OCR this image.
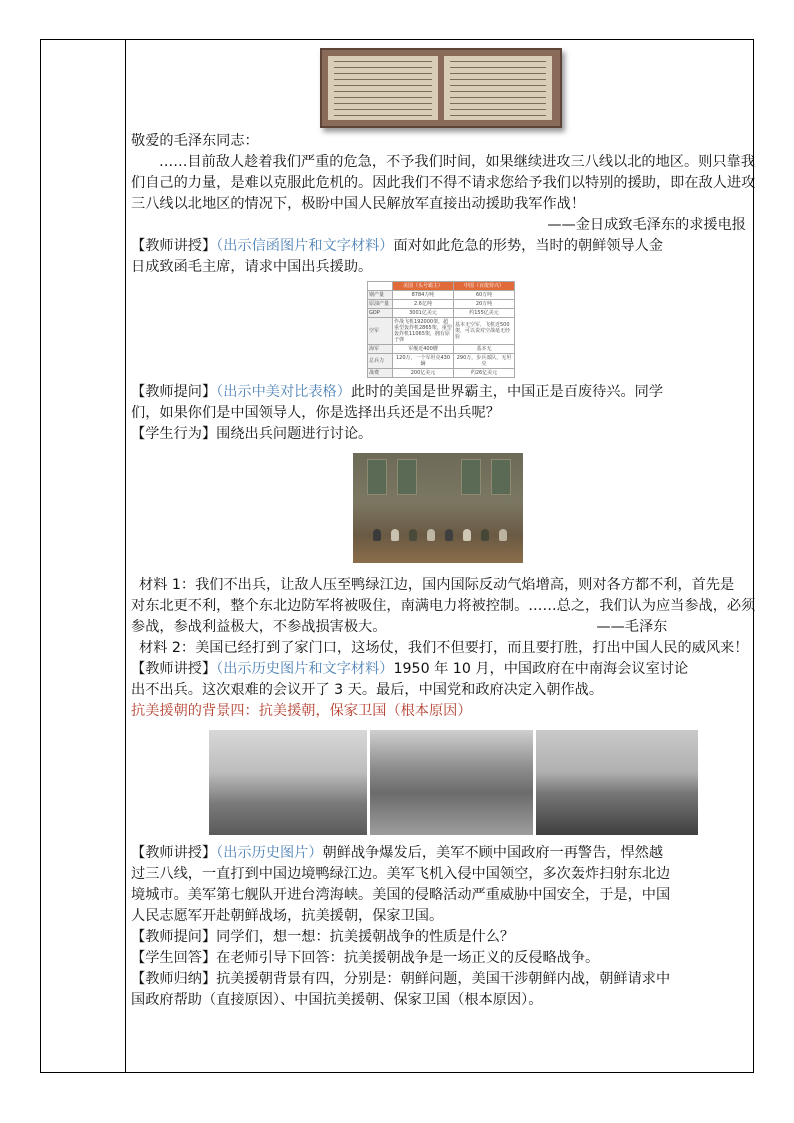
敬爱的毛泽东同志：

……目前敌人趁着我们严重的危急，不予我们时间，如果继续进攻三八线以北的地区。则只靠我

们自己的力量，是难以克服此危机的。因此我们不得不请求您给予我们以特别的援助，即在敌人进攻

三八线以北地区的情况下，极盼中国人民解放军直接出动援助我军作战！

——金日成致毛泽东的求援电报

【教师讲授】（出示信函图片和文字材料）面对如此危急的形势，当时的朝鲜领导人金

日成致函毛主席，请求中国出兵援助。

	美国（头号霸主）	中国（百废待兴）
钢产量	8784万吨	60万吨
原油产量	2.6亿吨	20万吨
GDP	3001亿美元	约155亿美元
空军	作战飞机192000架，超重型轰炸机2865架，重型轰炸机11065架，拥有原子弹	基本无空军，飞机近500架，可以说对空战毫无经验
海军	军舰近400艘	基本无
总兵力	120万，一个军坦克430辆	290万，步兵部队，无坦克
战费	200亿美元	约26亿美元

【教师提问】（出示中美对比表格）此时的美国是世界霸主，中国正是百废待兴。同学

们，如果你们是中国领导人，你是选择出兵还是不出兵呢？

【学生行为】围绕出兵问题进行讨论。

材料 1：我们不出兵，让敌人压至鸭绿江边，国内国际反动气焰增高，则对各方都不利，首先是

对东北更不利，整个东北边防军将被吸住，南满电力将被控制。……总之，我们认为应当参战，必须

参战，参战利益极大，不参战损害极大。	——毛泽东

材料 2：美国已经打到了家门口，这场仗，我们不但要打，而且要打胜，打出中国人民的威风来！

【教师讲授】（出示历史图片和文字材料）1950 年 10 月，中国政府在中南海会议室讨论

出不出兵。这次艰难的会议开了 3 天。最后，中国党和政府决定入朝作战。

抗美援朝的背景四：抗美援朝，保家卫国（根本原因）

【教师讲授】（出示历史图片）朝鲜战争爆发后，美军不顾中国政府一再警告，悍然越

过三八线，一直打到中国边境鸭绿江边。美军飞机入侵中国领空，多次轰炸扫射东北边

境城市。美军第七舰队开进台湾海峡。美国的侵略活动严重威胁中国安全，于是，中国

人民志愿军开赴朝鲜战场，抗美援朝，保家卫国。

【教师提问】同学们，想一想：抗美援朝战争的性质是什么？

【学生回答】在老师引导下回答：抗美援朝战争是一场正义的反侵略战争。

【教师归纳】抗美援朝背景有四，分别是：朝鲜问题，美国干涉朝鲜内战，朝鲜请求中

国政府帮助（直接原因）、中国抗美援朝、保家卫国（根本原因）。
